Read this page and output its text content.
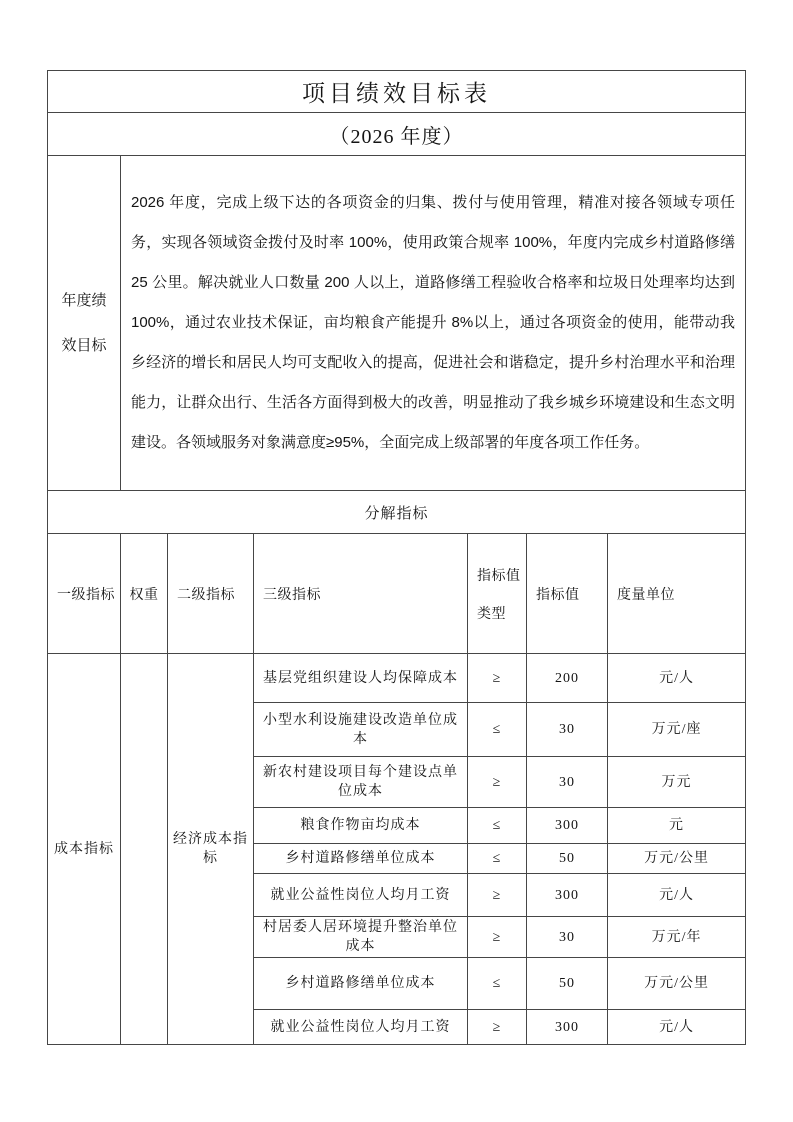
项目绩效目标表						
（2026 年度）						
年度绩效目标	2026 年度，完成上级下达的各项资金的归集、拨付与使用管理，精准对接各领域专项任务，实现各领域资金拨付及时率 100%，使用政策合规率 100%，年度内完成乡村道路修缮 25 公里。解决就业人口数量 200 人以上，道路修缮工程验收合格率和垃圾日处理率均达到 100%，通过农业技术保证，亩均粮食产能提升 8%以上，通过各项资金的使用，能带动我乡经济的增长和居民人均可支配收入的提高，促进社会和谐稳定，提升乡村治理水平和治理能力，让群众出行、生活各方面得到极大的改善，明显推动了我乡城乡环境建设和生态文明建设。各领域服务对象满意度≥95%，全面完成上级部署的年度各项工作任务。					
分解指标						
一级指标	权重	二级指标	三级指标	指标值类型	指标值	度量单位
成本指标		经济成本指标	基层党组织建设人均保障成本	≥	200	元/人
			小型水利设施建设改造单位成本	≤	30	万元/座
			新农村建设项目每个建设点单位成本	≥	30	万元
			粮食作物亩均成本	≤	300	元
			乡村道路修缮单位成本	≤	50	万元/公里
			就业公益性岗位人均月工资	≥	300	元/人
			村居委人居环境提升整治单位成本	≥	30	万元/年
			乡村道路修缮单位成本	≤	50	万元/公里
			就业公益性岗位人均月工资	≥	300	元/人
